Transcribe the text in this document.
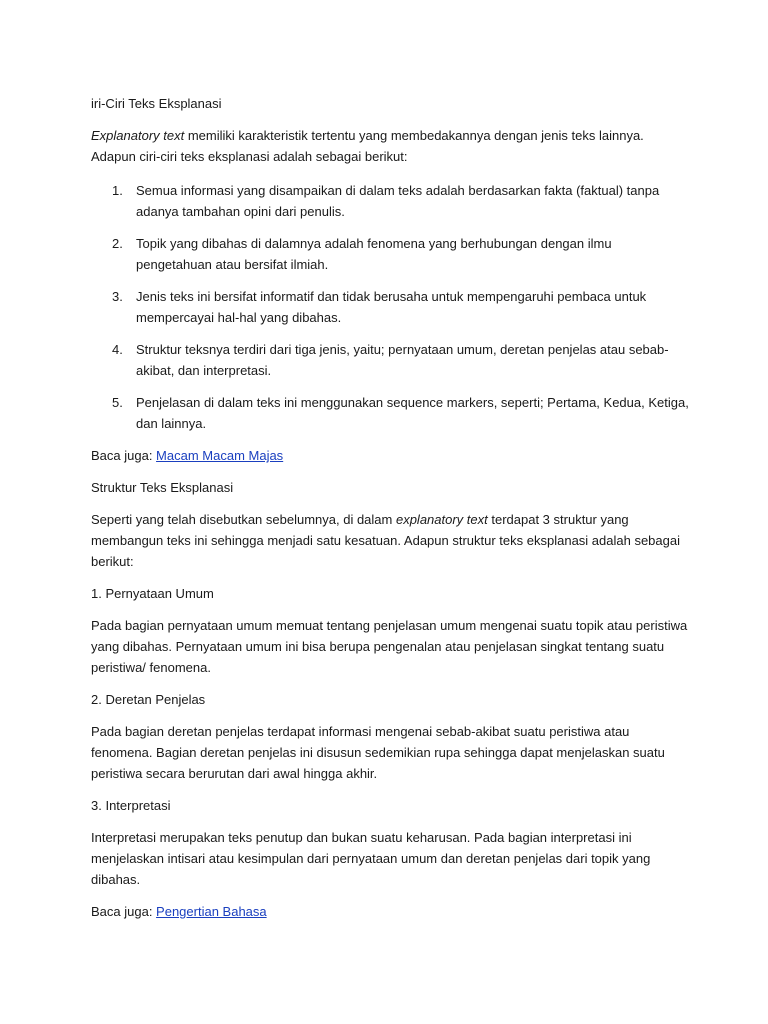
iri-Ciri Teks Eksplanasi

Explanatory text memiliki karakteristik tertentu yang membedakannya dengan jenis teks lainnya. Adapun ciri-ciri teks eksplanasi adalah sebagai berikut:

1. Semua informasi yang disampaikan di dalam teks adalah berdasarkan fakta (faktual) tanpa adanya tambahan opini dari penulis.
2. Topik yang dibahas di dalamnya adalah fenomena yang berhubungan dengan ilmu pengetahuan atau bersifat ilmiah.
3. Jenis teks ini bersifat informatif dan tidak berusaha untuk mempengaruhi pembaca untuk mempercayai hal-hal yang dibahas.
4. Struktur teksnya terdiri dari tiga jenis, yaitu; pernyataan umum, deretan penjelas atau sebab-akibat, dan interpretasi.
5. Penjelasan di dalam teks ini menggunakan sequence markers, seperti; Pertama, Kedua, Ketiga, dan lainnya.

Baca juga: Macam Macam Majas

Struktur Teks Eksplanasi

Seperti yang telah disebutkan sebelumnya, di dalam explanatory text terdapat 3 struktur yang membangun teks ini sehingga menjadi satu kesatuan. Adapun struktur teks eksplanasi adalah sebagai berikut:

1. Pernyataan Umum

Pada bagian pernyataan umum memuat tentang penjelasan umum mengenai suatu topik atau peristiwa yang dibahas. Pernyataan umum ini bisa berupa pengenalan atau penjelasan singkat tentang suatu peristiwa/ fenomena.

2. Deretan Penjelas

Pada bagian deretan penjelas terdapat informasi mengenai sebab-akibat suatu peristiwa atau fenomena. Bagian deretan penjelas ini disusun sedemikian rupa sehingga dapat menjelaskan suatu peristiwa secara berurutan dari awal hingga akhir.

3. Interpretasi

Interpretasi merupakan teks penutup dan bukan suatu keharusan. Pada bagian interpretasi ini menjelaskan intisari atau kesimpulan dari pernyataan umum dan deretan penjelas dari topik yang dibahas.

Baca juga: Pengertian Bahasa
